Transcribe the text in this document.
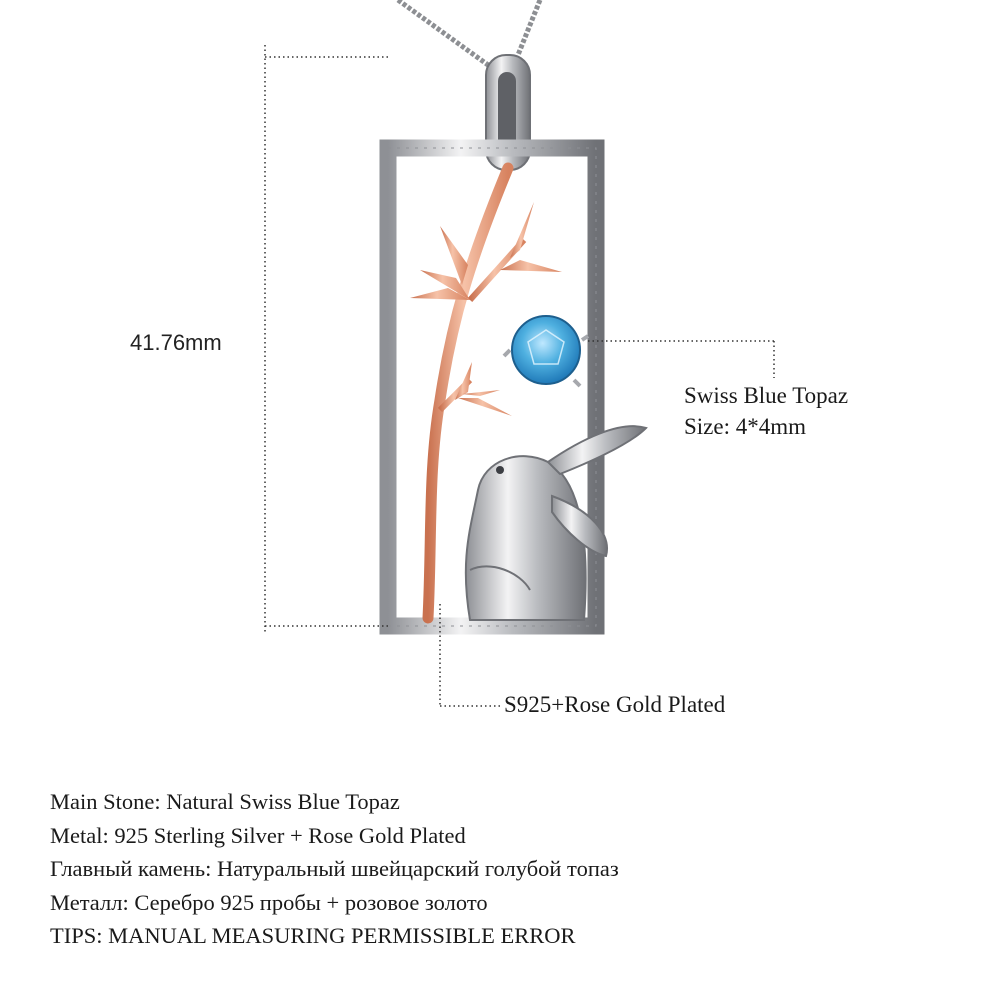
41.76mm
Swiss Blue Topaz
Size: 4*4mm
S925+Rose Gold Plated
Main Stone: Natural Swiss Blue Topaz
Metal: 925 Sterling Silver + Rose Gold Plated
Главный камень: Натуральный швейцарский голубой топаз
Металл: Серебро 925 пробы + розовое золото
TIPS: MANUAL MEASURING PERMISSIBLE ERROR
